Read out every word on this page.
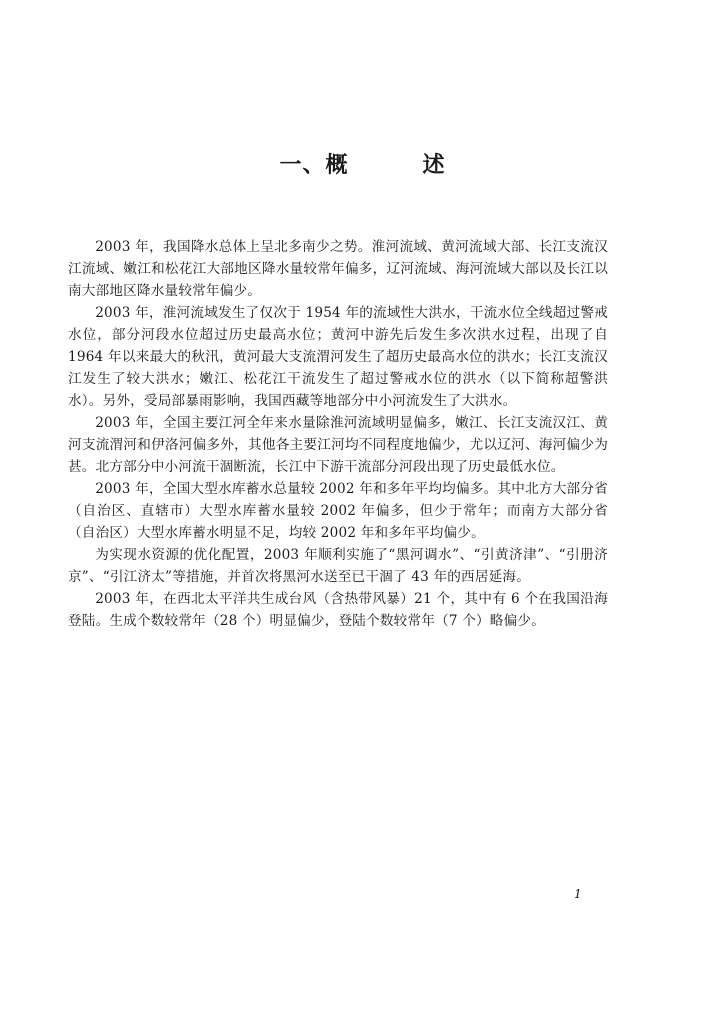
一、概	述

2003 年，我国降水总体上呈北多南少之势。淮河流域、黄河流域大部、长江支流汉江流域、嫩江和松花江大部地区降水量较常年偏多，辽河流域、海河流域大部以及长江以南大部地区降水量较常年偏少。

2003 年，淮河流域发生了仅次于 1954 年的流域性大洪水，干流水位全线超过警戒水位，部分河段水位超过历史最高水位；黄河中游先后发生多次洪水过程，出现了自 1964 年以来最大的秋汛，黄河最大支流渭河发生了超历史最高水位的洪水；长江支流汉江发生了较大洪水；嫩江、松花江干流发生了超过警戒水位的洪水（以下简称超警洪水）。另外，受局部暴雨影响，我国西藏等地部分中小河流发生了大洪水。

2003 年，全国主要江河全年来水量除淮河流域明显偏多，嫩江、长江支流汉江、黄河支流渭河和伊洛河偏多外，其他各主要江河均不同程度地偏少，尤以辽河、海河偏少为甚。北方部分中小河流干涸断流，长江中下游干流部分河段出现了历史最低水位。

2003 年，全国大型水库蓄水总量较 2002 年和多年平均均偏多。其中北方大部分省（自治区、直辖市）大型水库蓄水量较 2002 年偏多，但少于常年；而南方大部分省（自治区）大型水库蓄水明显不足，均较 2002 年和多年平均偏少。

为实现水资源的优化配置，2003 年顺利实施了“黑河调水”、“引黄济津”、“引册济京”、“引江济太”等措施，并首次将黑河水送至已干涸了 43 年的西居延海。

2003 年，在西北太平洋共生成台风（含热带风暴）21 个，其中有 6 个在我国沿海登陆。生成个数较常年（28 个）明显偏少，登陆个数较常年（7 个）略偏少。

1
